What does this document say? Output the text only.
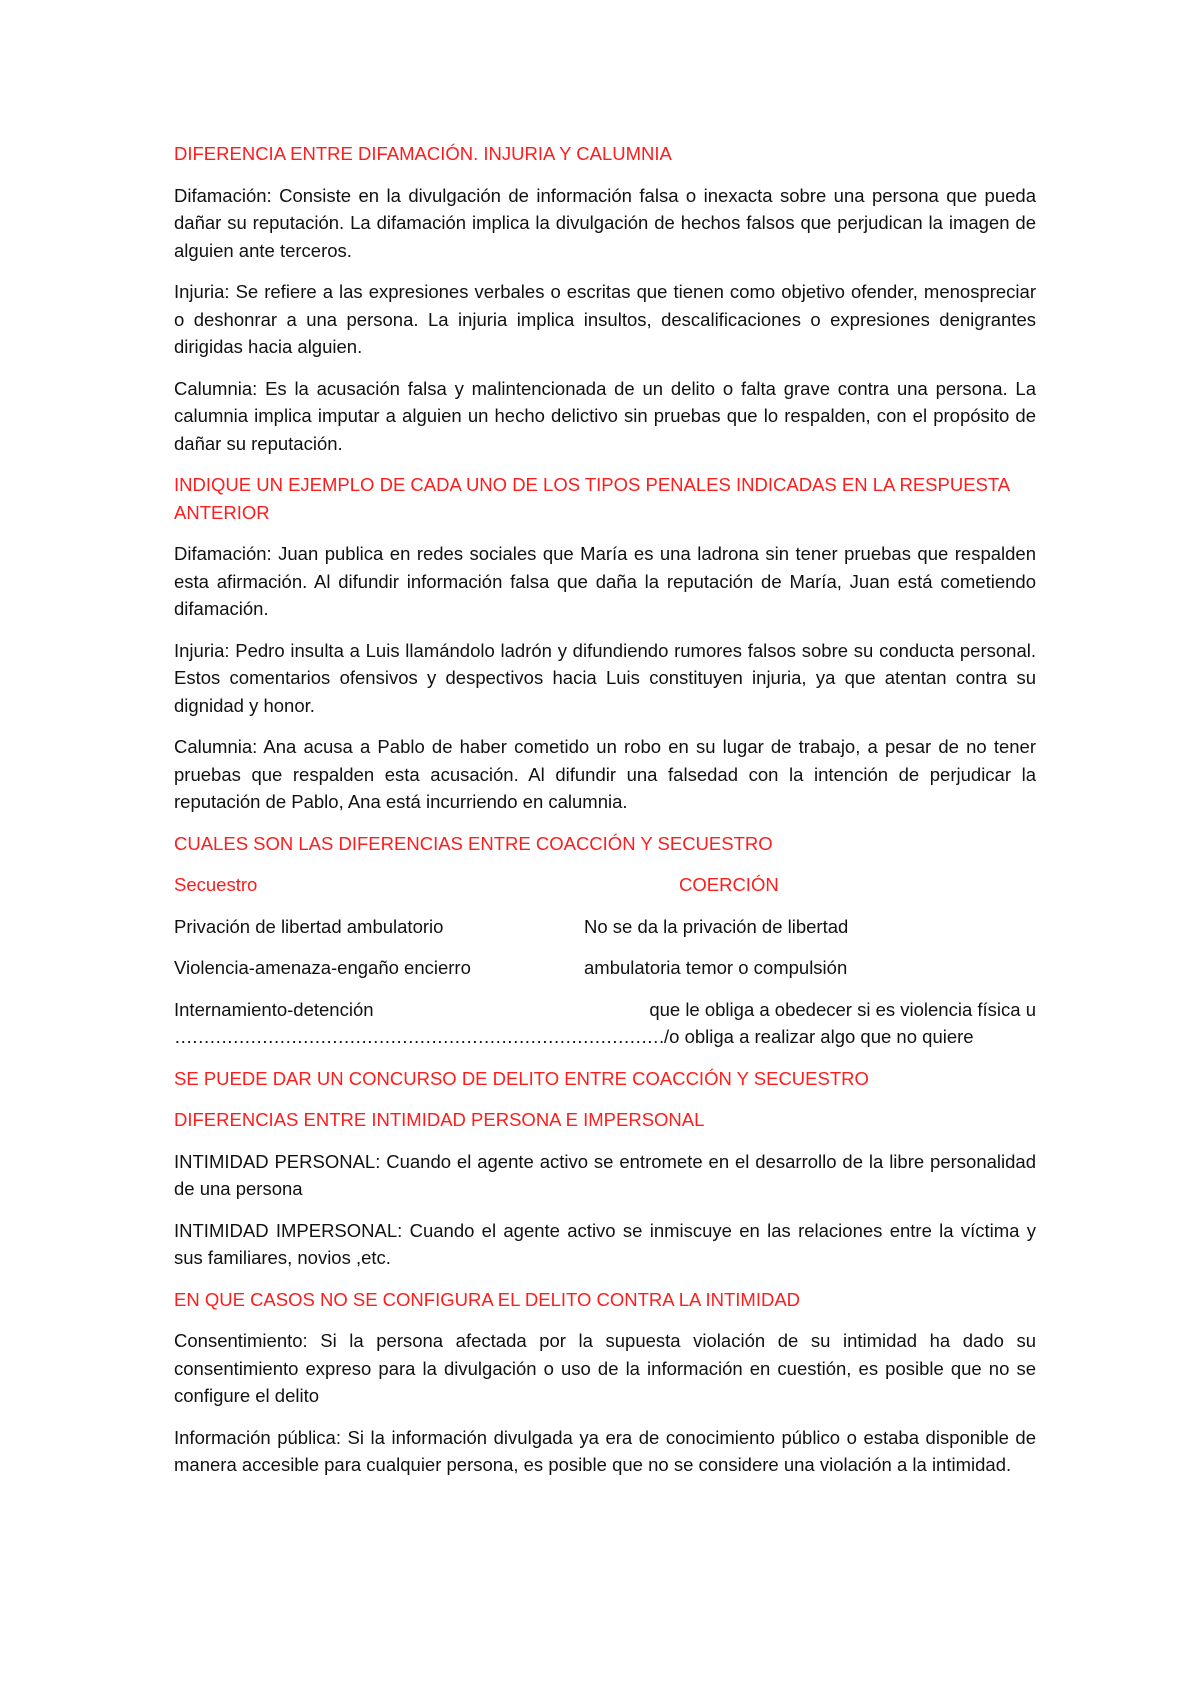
DIFERENCIA ENTRE DIFAMACIÓN. INJURIA Y CALUMNIA

Difamación: Consiste en la divulgación de información falsa o inexacta sobre una persona que pueda dañar su reputación. La difamación implica la divulgación de hechos falsos que perjudican la imagen de alguien ante terceros.

Injuria: Se refiere a las expresiones verbales o escritas que tienen como objetivo ofender, menospreciar o deshonrar a una persona. La injuria implica insultos, descalificaciones o expresiones denigrantes dirigidas hacia alguien.

Calumnia: Es la acusación falsa y malintencionada de un delito o falta grave contra una persona. La calumnia implica imputar a alguien un hecho delictivo sin pruebas que lo respalden, con el propósito de dañar su reputación.

INDIQUE UN EJEMPLO DE CADA UNO DE LOS TIPOS PENALES INDICADAS EN LA RESPUESTA ANTERIOR

Difamación: Juan publica en redes sociales que María es una ladrona sin tener pruebas que respalden esta afirmación. Al difundir información falsa que daña la reputación de María, Juan está cometiendo difamación.

Injuria: Pedro insulta a Luis llamándolo ladrón y difundiendo rumores falsos sobre su conducta personal. Estos comentarios ofensivos y despectivos hacia Luis constituyen injuria, ya que atentan contra su dignidad y honor.

Calumnia: Ana acusa a Pablo de haber cometido un robo en su lugar de trabajo, a pesar de no tener pruebas que respalden esta acusación. Al difundir una falsedad con la intención de perjudicar la reputación de Pablo, Ana está incurriendo en calumnia.

CUALES SON LAS DIFERENCIAS ENTRE COACCIÓN Y SECUESTRO

Secuestro	COERCIÓN
Privación de libertad ambulatorio	No se da la privación de libertad
Violencia-amenaza-engaño encierro	ambulatoria temor o compulsión
Internamiento-detención	que le obliga a obedecer si es violencia física u
………………………………………………………………………… /o obliga a realizar algo que no quiere

SE PUEDE DAR UN CONCURSO DE DELITO ENTRE COACCIÓN Y SECUESTRO

DIFERENCIAS ENTRE INTIMIDAD PERSONA E IMPERSONAL

INTIMIDAD PERSONAL: Cuando el agente activo se entromete en el desarrollo de la libre personalidad de una persona

INTIMIDAD IMPERSONAL: Cuando el agente activo se inmiscuye en las relaciones entre la víctima y sus familiares, novios ,etc.

EN QUE CASOS NO SE CONFIGURA EL DELITO CONTRA LA INTIMIDAD

Consentimiento: Si la persona afectada por la supuesta violación de su intimidad ha dado su consentimiento expreso para la divulgación o uso de la información en cuestión, es posible que no se configure el delito

Información pública: Si la información divulgada ya era de conocimiento público o estaba disponible de manera accesible para cualquier persona, es posible que no se considere una violación a la intimidad.
